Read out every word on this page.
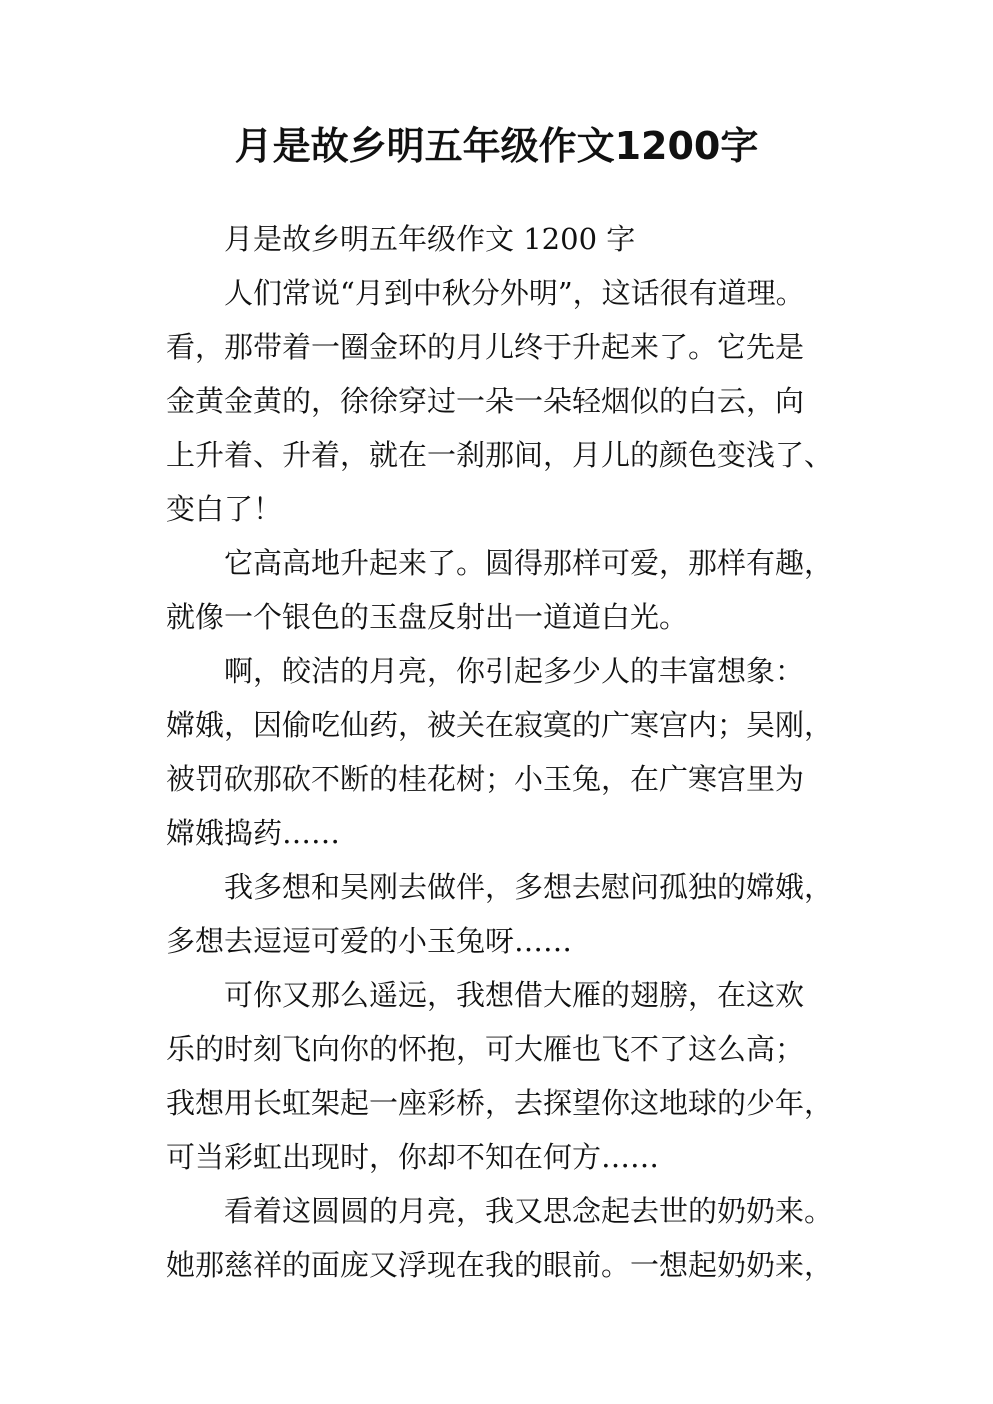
月是故乡明五年级作文1200字
月是故乡明五年级作文 1200 字
人们常说“月到中秋分外明”，这话很有道理。
看，那带着一圈金环的月儿终于升起来了。它先是
金黄金黄的，徐徐穿过一朵一朵轻烟似的白云，向
上升着、升着，就在一刹那间，月儿的颜色变浅了、
变白了！
它高高地升起来了。圆得那样可爱，那样有趣，
就像一个银色的玉盘反射出一道道白光。
啊，皎洁的月亮，你引起多少人的丰富想象：
嫦娥，因偷吃仙药，被关在寂寞的广寒宫内；吴刚，
被罚砍那砍不断的桂花树；小玉兔，在广寒宫里为
嫦娥捣药……
我多想和吴刚去做伴，多想去慰问孤独的嫦娥，
多想去逗逗可爱的小玉兔呀……
可你又那么遥远，我想借大雁的翅膀，在这欢
乐的时刻飞向你的怀抱，可大雁也飞不了这么高；
我想用长虹架起一座彩桥，去探望你这地球的少年，
可当彩虹出现时，你却不知在何方……
看着这圆圆的月亮，我又思念起去世的奶奶来。
她那慈祥的面庞又浮现在我的眼前。一想起奶奶来，
